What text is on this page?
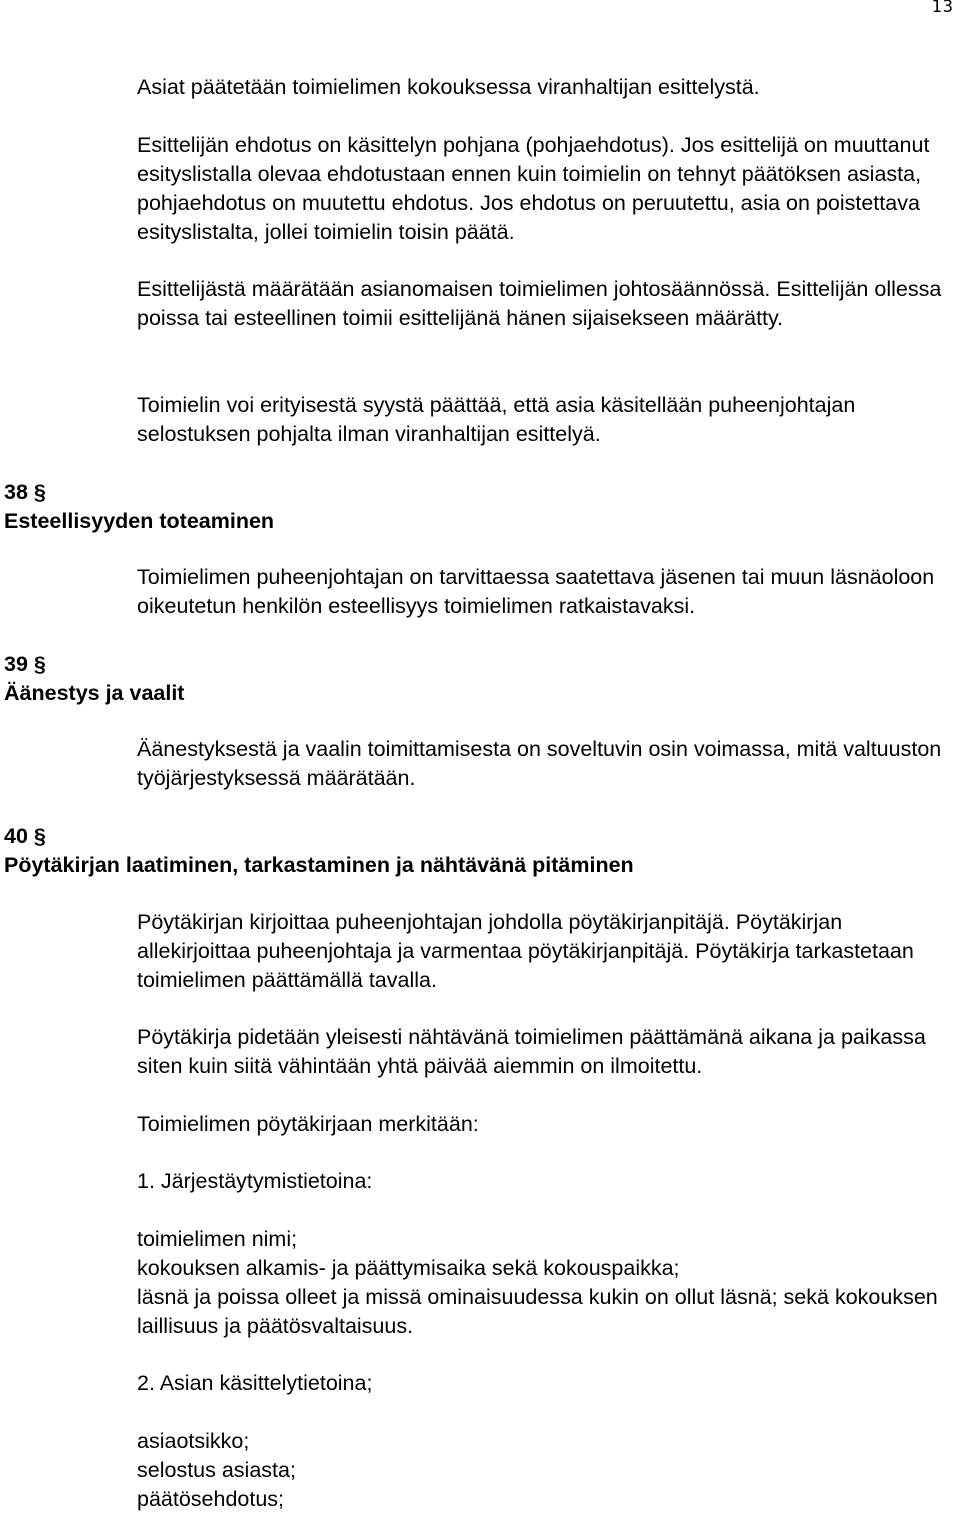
13

Asiat päätetään toimielimen kokouksessa viranhaltijan esittelystä.

Esittelijän ehdotus on käsittelyn pohjana (pohjaehdotus). Jos esittelijä on muuttanut esityslistalla olevaa ehdotustaan ennen kuin toimielin on tehnyt päätöksen asiasta, pohjaehdotus on muutettu ehdotus. Jos ehdotus on peruutettu, asia on poistettava esityslistalta, jollei toimielin toisin päätä.

Esittelijästä määrätään asianomaisen toimielimen johtosäännössä. Esittelijän ollessa poissa tai esteellinen toimii esittelijänä hänen sijaisekseen määrätty.

Toimielin voi erityisestä syystä päättää, että asia käsitellään puheenjohtajan selostuksen pohjalta ilman viranhaltijan esittelyä.

38 §
Esteellisyyden toteaminen

Toimielimen puheenjohtajan on tarvittaessa saatettava jäsenen tai muun läsnäoloon oikeutetun henkilön esteellisyys toimielimen ratkaistavaksi.

39 §
Äänestys ja vaalit

Äänestyksestä ja vaalin toimittamisesta on soveltuvin osin voimassa, mitä valtuuston työjärjestyksessä määrätään.

40 §
Pöytäkirjan laatiminen, tarkastaminen ja nähtävänä pitäminen

Pöytäkirjan kirjoittaa puheenjohtajan johdolla pöytäkirjanpitäjä. Pöytäkirjan allekirjoittaa puheenjohtaja ja varmentaa pöytäkirjanpitäjä. Pöytäkirja tarkastetaan toimielimen päättämällä tavalla.

Pöytäkirja pidetään yleisesti nähtävänä toimielimen päättämänä aikana ja paikassa siten kuin siitä vähintään yhtä päivää aiemmin on ilmoitettu.

Toimielimen pöytäkirjaan merkitään:

1. Järjestäytymistietoina:

toimielimen nimi;
kokouksen alkamis- ja päättymisaika sekä kokouspaikka;

läsnä ja poissa olleet ja missä ominaisuudessa kukin on ollut läsnä; sekä kokouksen laillisuus ja päätösvaltaisuus.

2. Asian käsittelytietoina;

asiaotsikko;
selostus asiasta;
päätösehdotus;
